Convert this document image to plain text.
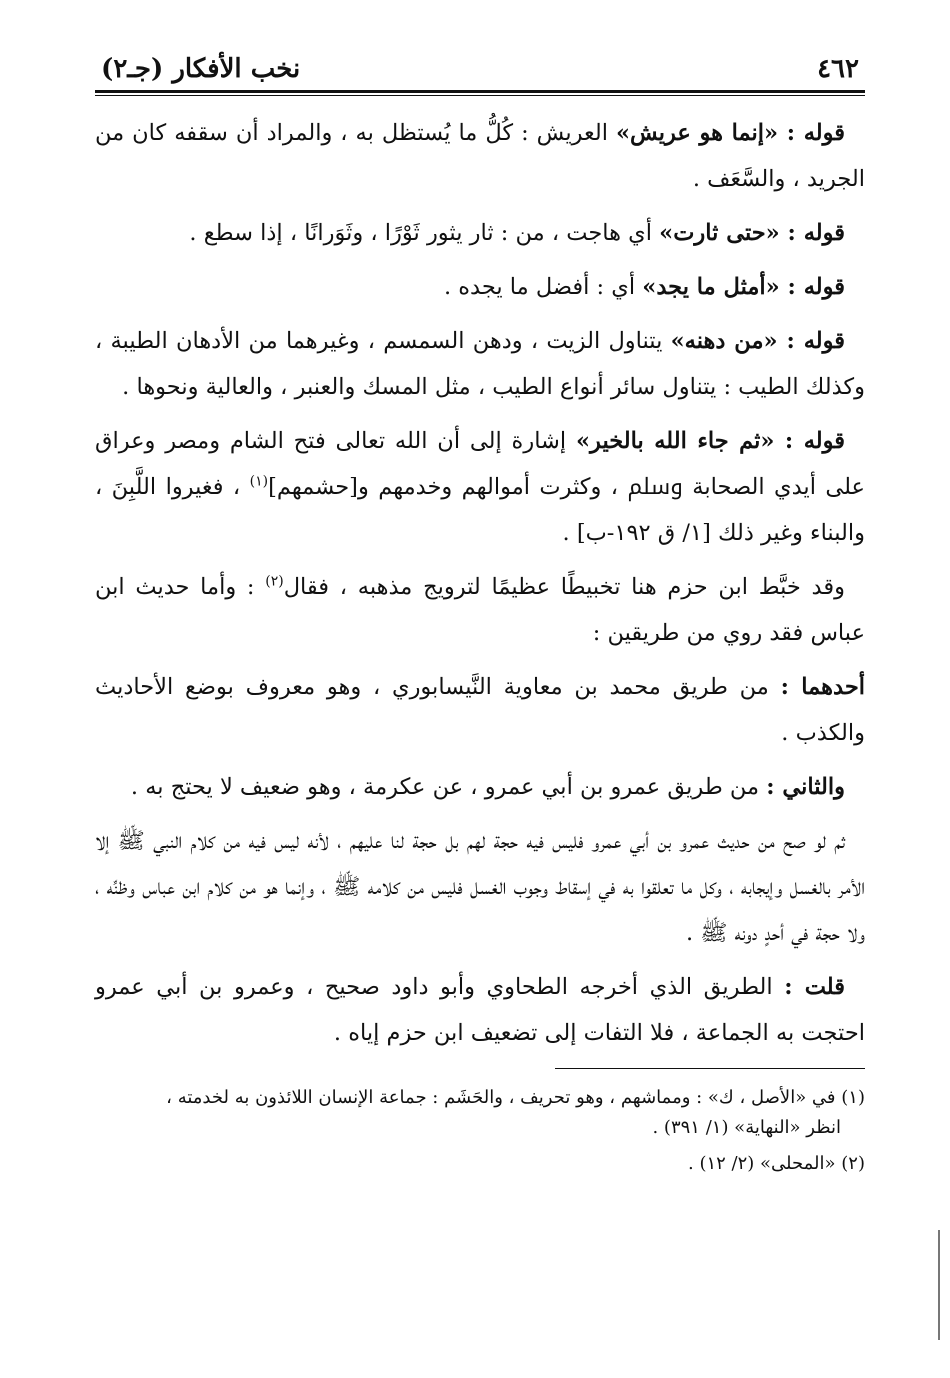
٤٦٢
نخب الأفكار (جـ٢)

قوله : «إنما هو عريش» العريش : كُلُّ ما يُستظل به ، والمراد أن سقفه كان من الجريد ، والسَّعَف .

قوله : «حتى ثارت» أي هاجت ، من : ثار يثور ثَوْرًا ، وثَوَرانًا ، إذا سطع .

قوله : «أمثل ما يجد» أي : أفضل ما يجده .

قوله : «من دهنه» يتناول الزيت ، ودهن السمسم ، وغيرهما من الأدهان الطيبة ، وكذلك الطيب : يتناول سائر أنواع الطيب ، مثل المسك والعنبر ، والعالية ونحوها .

قوله : «ثم جاء الله بالخير» إشارة إلى أن الله تعالى فتح الشام ومصر وعراق على أيدي الصحابة ﷸ ، وكثرت أموالهم وخدمهم و[حشمهم]$^{(١)}$ ، فغيروا اللَّبِنَ ، والبناء وغير ذلك [١/ ق ١٩٢-ب] .

وقد خبَّط ابن حزم هنا تخبيطًا عظيمًا لترويج مذهبه ، فقال$^{(٢)}$ : وأما حديث ابن عباس فقد روي من طريقين :

أحدهما : من طريق محمد بن معاوية النَّيسابوري ، وهو معروف بوضع الأحاديث والكذب .

والثاني : من طريق عمرو بن أبي عمرو ، عن عكرمة ، وهو ضعيف لا يحتج به .

ثم لو صح من حديث عمرو بن أبي عمرو فليس فيه حجة لهم بل حجة لنا عليهم ، لأنه ليس فيه من كلام النبي ﷺ إلا الأمر بالغسل وإيجابه ، وكل ما تعلقوا به في إسقاط وجوب الغسل فليس من كلامه ﷺ ، وإنما هو من كلام ابن عباس وظنِّه ، ولا حجة في أحدٍ دونه ﷺ .

قلت : الطريق الذي أخرجه الطحاوي وأبو داود صحيح ، وعمرو بن أبي عمرو احتجت به الجماعة ، فلا التفات إلى تضعيف ابن حزم إياه .

(١) في «الأصل ، ك» : ومماشهم ، وهو تحريف ، والحَشَم : جماعة الإنسان اللائذون به لخدمته ،
انظر «النهاية» (١/ ٣٩١) .
(٢) «المحلى» (٢/ ١٢) .
